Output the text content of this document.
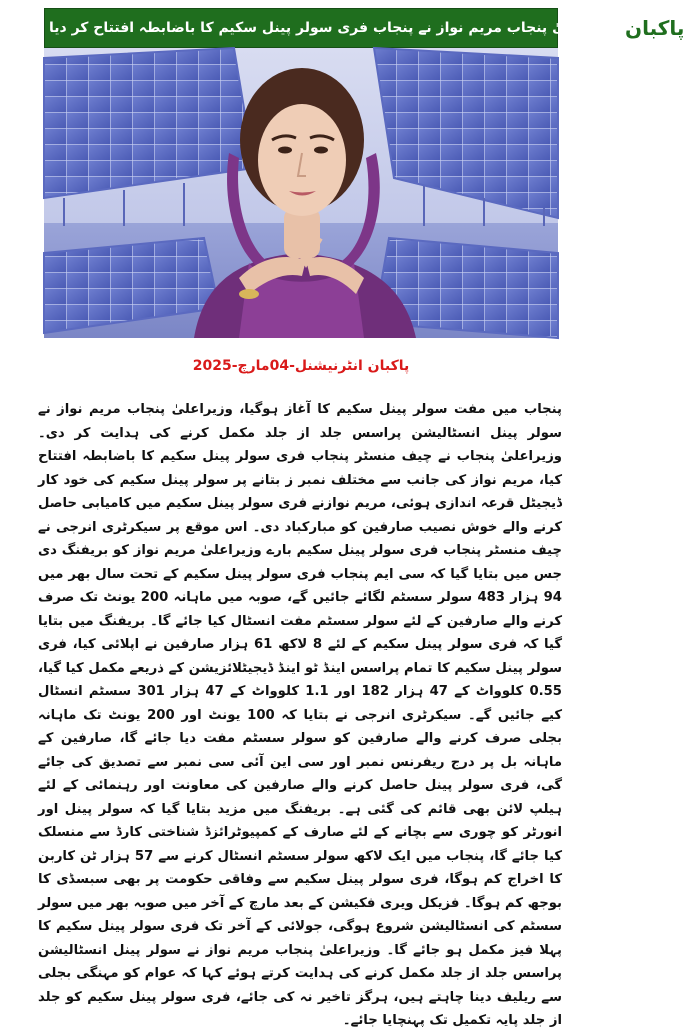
وزیراعلیٰ پنجاب مریم نواز نے پنجاب فری سولر پینل سکیم کا باضابطہ افتتاح کر دیا پاکبان
پاکبان انٹرنیشنل-04مارچ-2025
پنجاب میں مفت سولر پینل سکیم کا آغاز ہوگیا، وزیراعلیٰ پنجاب مریم نواز نے سولر پینل انسٹالیشن پراسس جلد از جلد مکمل کرنے کی ہدایت کر دی۔ وزیراعلیٰ پنجاب نے چیف منسٹر پنجاب فری سولر پینل سکیم کا باضابطہ افتتاح کیا، مریم نواز کی جانب سے مختلف نمبر ز بتانے پر سولر پینل سکیم کی خود کار ڈیجیٹل قرعہ اندازی ہوئی، مریم نوازنے فری سولر پینل سکیم میں کامیابی حاصل کرنے والے خوش نصیب صارفین کو مبارکباد دی۔ اس موقع پر سیکرٹری انرجی نے چیف منسٹر پنجاب فری سولر پینل سکیم بارے وزیراعلیٰ مریم نواز کو بریفنگ دی جس میں بتایا گیا کہ سی ایم پنجاب فری سولر پینل سکیم کے تحت سال بھر میں 94 ہزار 483 سولر سسٹم لگائے جائیں گے، صوبہ میں ماہانہ 200 یونٹ تک صرف کرنے والے صارفین کے لئے سولر سسٹم مفت انسٹال کیا جائے گا۔ بریفنگ میں بتایا گیا کہ فری سولر پینل سکیم کے لئے 8 لاکھ 61 ہزار صارفین نے اپلائی کیا، فری سولر پینل سکیم کا تمام پراسس اینڈ ٹو اینڈ ڈیجیٹلائزیشن کے ذریعے مکمل کیا گیا، 0.55 کلوواٹ کے 47 ہزار 182 اور 1.1 کلوواٹ کے 47 ہزار 301 سسٹم انسٹال کیے جائیں گے۔ سیکرٹری انرجی نے بتایا کہ 100 یونٹ اور 200 یونٹ تک ماہانہ بجلی صرف کرنے والے صارفین کو سولر سسٹم مفت دیا جائے گا، صارفین کے ماہانہ بل پر درج ریفرنس نمبر اور سی این آئی سی نمبر سے تصدیق کی جائے گی، فری سولر پینل حاصل کرنے والے صارفین کی معاونت اور رہنمائی کے لئے ہیلپ لائن بھی قائم کی گئی ہے۔ بریفنگ میں مزید بتایا گیا کہ سولر پینل اور انورٹر کو چوری سے بچانے کے لئے صارف کے کمپیوٹرائزڈ شناختی کارڈ سے منسلک کیا جائے گا، پنجاب میں ایک لاکھ سولر سسٹم انسٹال کرنے سے 57 ہزار ٹن کاربن کا اخراج کم ہوگا، فری سولر پینل سکیم سے وفاقی حکومت پر بھی سبسڈی کا بوجھ کم ہوگا۔ فزیکل ویری فکیشن کے بعد مارچ کے آخر میں صوبہ بھر میں سولر سسٹم کی انسٹالیشن شروع ہوگی، جولائی کے آخر تک فری سولر پینل سکیم کا پہلا فیز مکمل ہو جائے گا۔ وزیراعلیٰ پنجاب مریم نواز نے سولر پینل انسٹالیشن پراسس جلد از جلد مکمل کرنے کی ہدایت کرتے ہوئے کہا کہ عوام کو مہنگی بجلی سے ریلیف دینا چاہتے ہیں، ہرگز تاخیر نہ کی جائے، فری سولر پینل سکیم کو جلد از جلد پایہ تکمیل تک پہنچایا جائے۔
